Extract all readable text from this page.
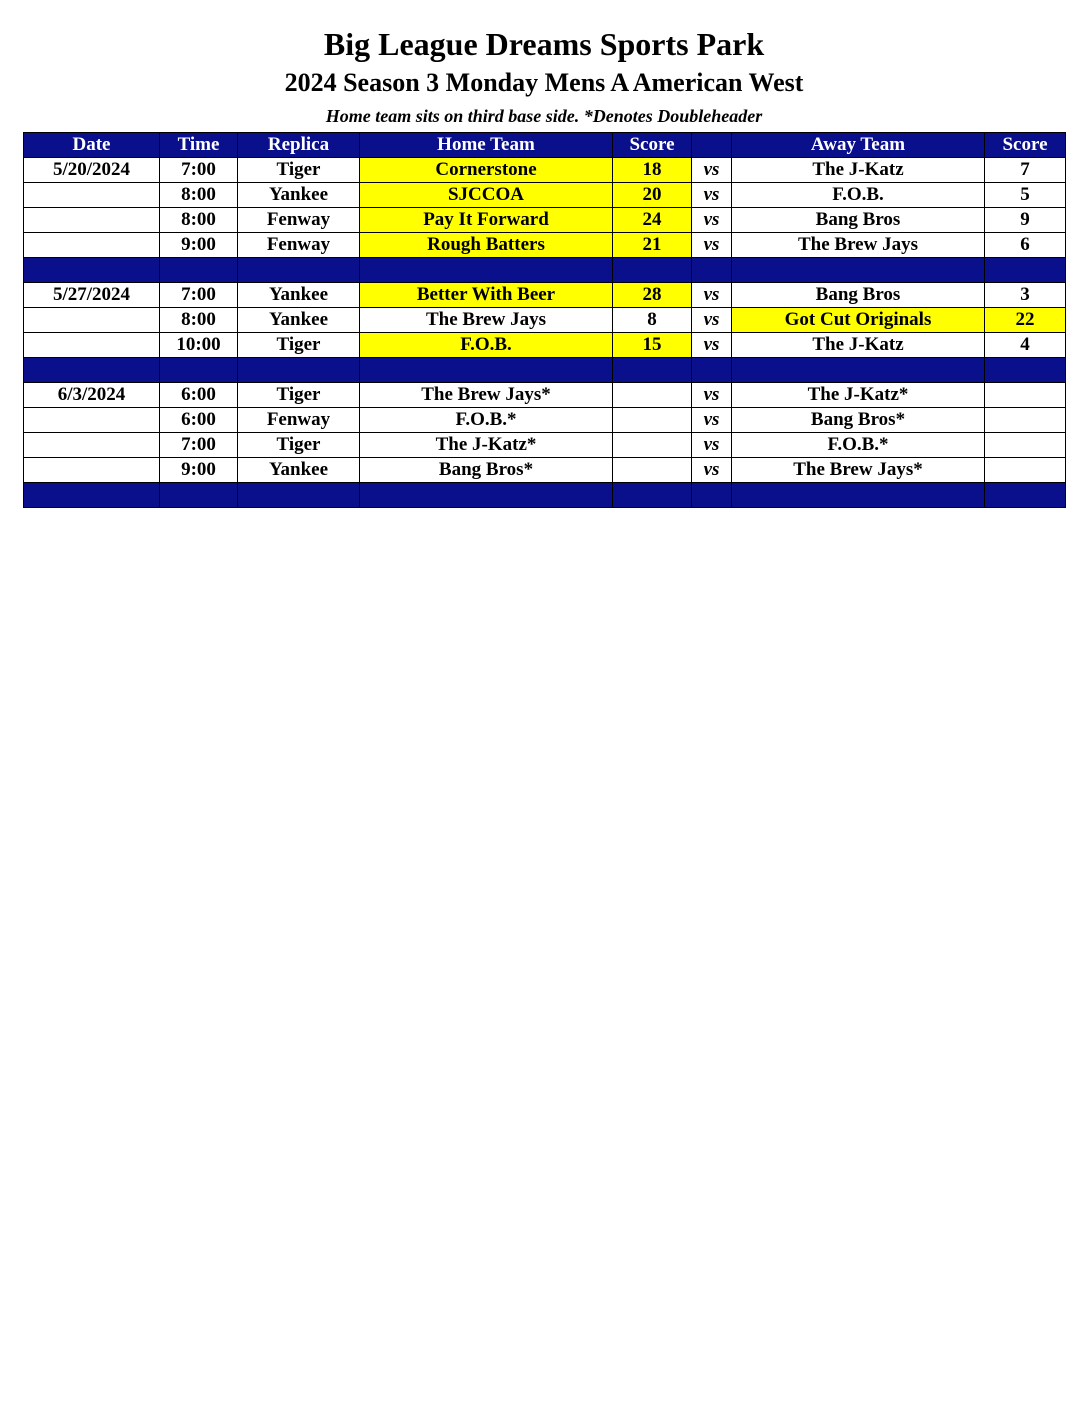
Big League Dreams Sports Park
2024 Season 3 Monday Mens A American West
Home team sits on third base side. *Denotes Doubleheader
Date	Time	Replica	Home Team	Score		Away Team	Score
5/20/2024	7:00	Tiger	Cornerstone	18	vs	The J-Katz	7
	8:00	Yankee	SJCCOA	20	vs	F.O.B.	5
	8:00	Fenway	Pay It Forward	24	vs	Bang Bros	9
	9:00	Fenway	Rough Batters	21	vs	The Brew Jays	6

5/27/2024	7:00	Yankee	Better With Beer	28	vs	Bang Bros	3
	8:00	Yankee	The Brew Jays	8	vs	Got Cut Originals	22
	10:00	Tiger	F.O.B.	15	vs	The J-Katz	4

6/3/2024	6:00	Tiger	The Brew Jays*		vs	The J-Katz*	
	6:00	Fenway	F.O.B.*		vs	Bang Bros*	
	7:00	Tiger	The J-Katz*		vs	F.O.B.*	
	9:00	Yankee	Bang Bros*		vs	The Brew Jays*	
